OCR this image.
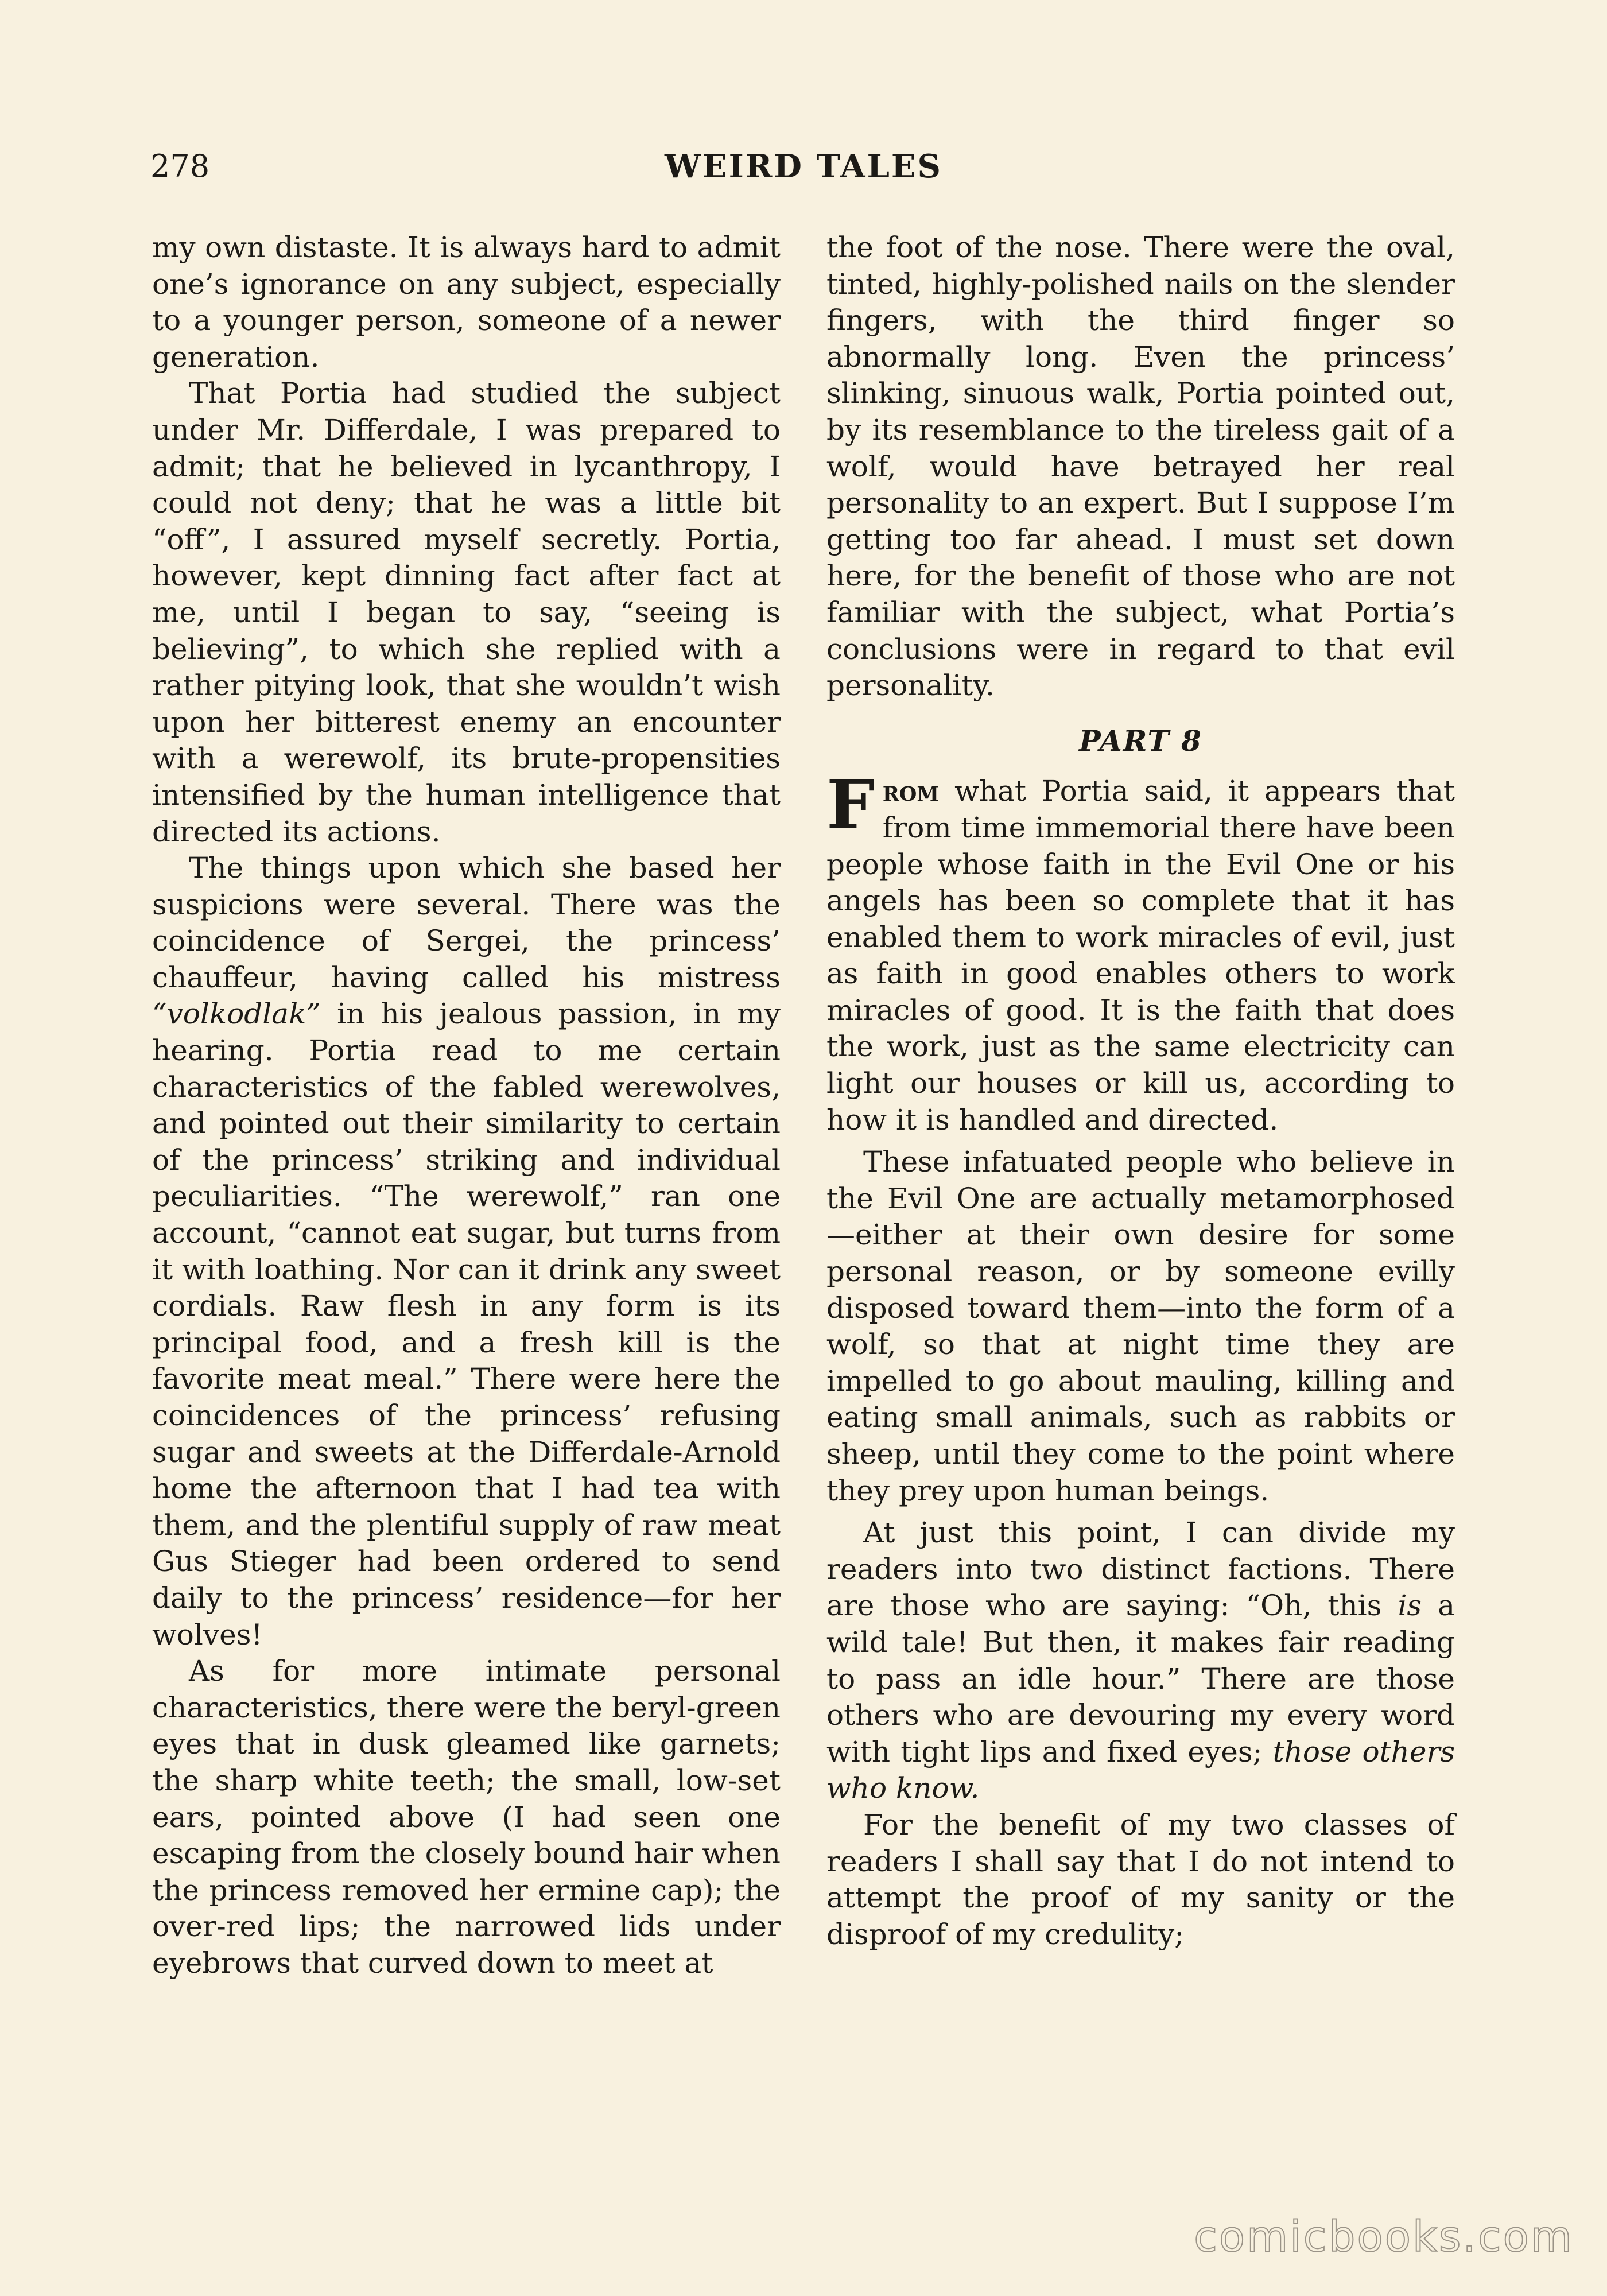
278	WEIRD TALES

my own distaste. It is always hard to admit one’s ignorance on any subject, especially to a younger person, someone of a newer generation.

That Portia had studied the subject under Mr. Differdale, I was prepared to admit; that he believed in lycanthropy, I could not deny; that he was a little bit “off”, I assured myself secretly. Portia, however, kept dinning fact after fact at me, until I began to say, “seeing is believing”, to which she replied with a rather pitying look, that she wouldn’t wish upon her bitterest enemy an encounter with a werewolf, its brute-propensities intensified by the human intelligence that directed its actions.

The things upon which she based her suspicions were several. There was the coincidence of Sergei, the princess’ chauffeur, having called his mistress “volkodlak” in his jealous passion, in my hearing. Portia read to me certain characteristics of the fabled werewolves, and pointed out their similarity to certain of the princess’ striking and individual peculiarities. “The werewolf,” ran one account, “cannot eat sugar, but turns from it with loathing. Nor can it drink any sweet cordials. Raw flesh in any form is its principal food, and a fresh kill is the favorite meat meal.” There were here the coincidences of the princess’ refusing sugar and sweets at the Differdale-Arnold home the afternoon that I had tea with them, and the plentiful supply of raw meat Gus Stieger had been ordered to send daily to the princess’ residence—for her wolves!

As for more intimate personal characteristics, there were the beryl-green eyes that in dusk gleamed like garnets; the sharp white teeth; the small, low-set ears, pointed above (I had seen one escaping from the closely bound hair when the princess removed her ermine cap); the over-red lips; the narrowed lids under eyebrows that curved down to meet at

the foot of the nose. There were the oval, tinted, highly-polished nails on the slender fingers, with the third finger so abnormally long. Even the princess’ slinking, sinuous walk, Portia pointed out, by its resemblance to the tireless gait of a wolf, would have betrayed her real personality to an expert. But I suppose I’m getting too far ahead. I must set down here, for the benefit of those who are not familiar with the subject, what Portia’s conclusions were in regard to that evil personality.

PART 8

From what Portia said, it appears that from time immemorial there have been people whose faith in the Evil One or his angels has been so complete that it has enabled them to work miracles of evil, just as faith in good enables others to work miracles of good. It is the faith that does the work, just as the same electricity can light our houses or kill us, according to how it is handled and directed.

These infatuated people who believe in the Evil One are actually metamorphosed—either at their own desire for some personal reason, or by someone evilly disposed toward them—into the form of a wolf, so that at night time they are impelled to go about mauling, killing and eating small animals, such as rabbits or sheep, until they come to the point where they prey upon human beings.

At just this point, I can divide my readers into two distinct factions. There are those who are saying: “Oh, this is a wild tale! But then, it makes fair reading to pass an idle hour.” There are those others who are devouring my every word with tight lips and fixed eyes; those others who know.

For the benefit of my two classes of readers I shall say that I do not intend to attempt the proof of my sanity or the disproof of my credulity;

comicbooks.com
